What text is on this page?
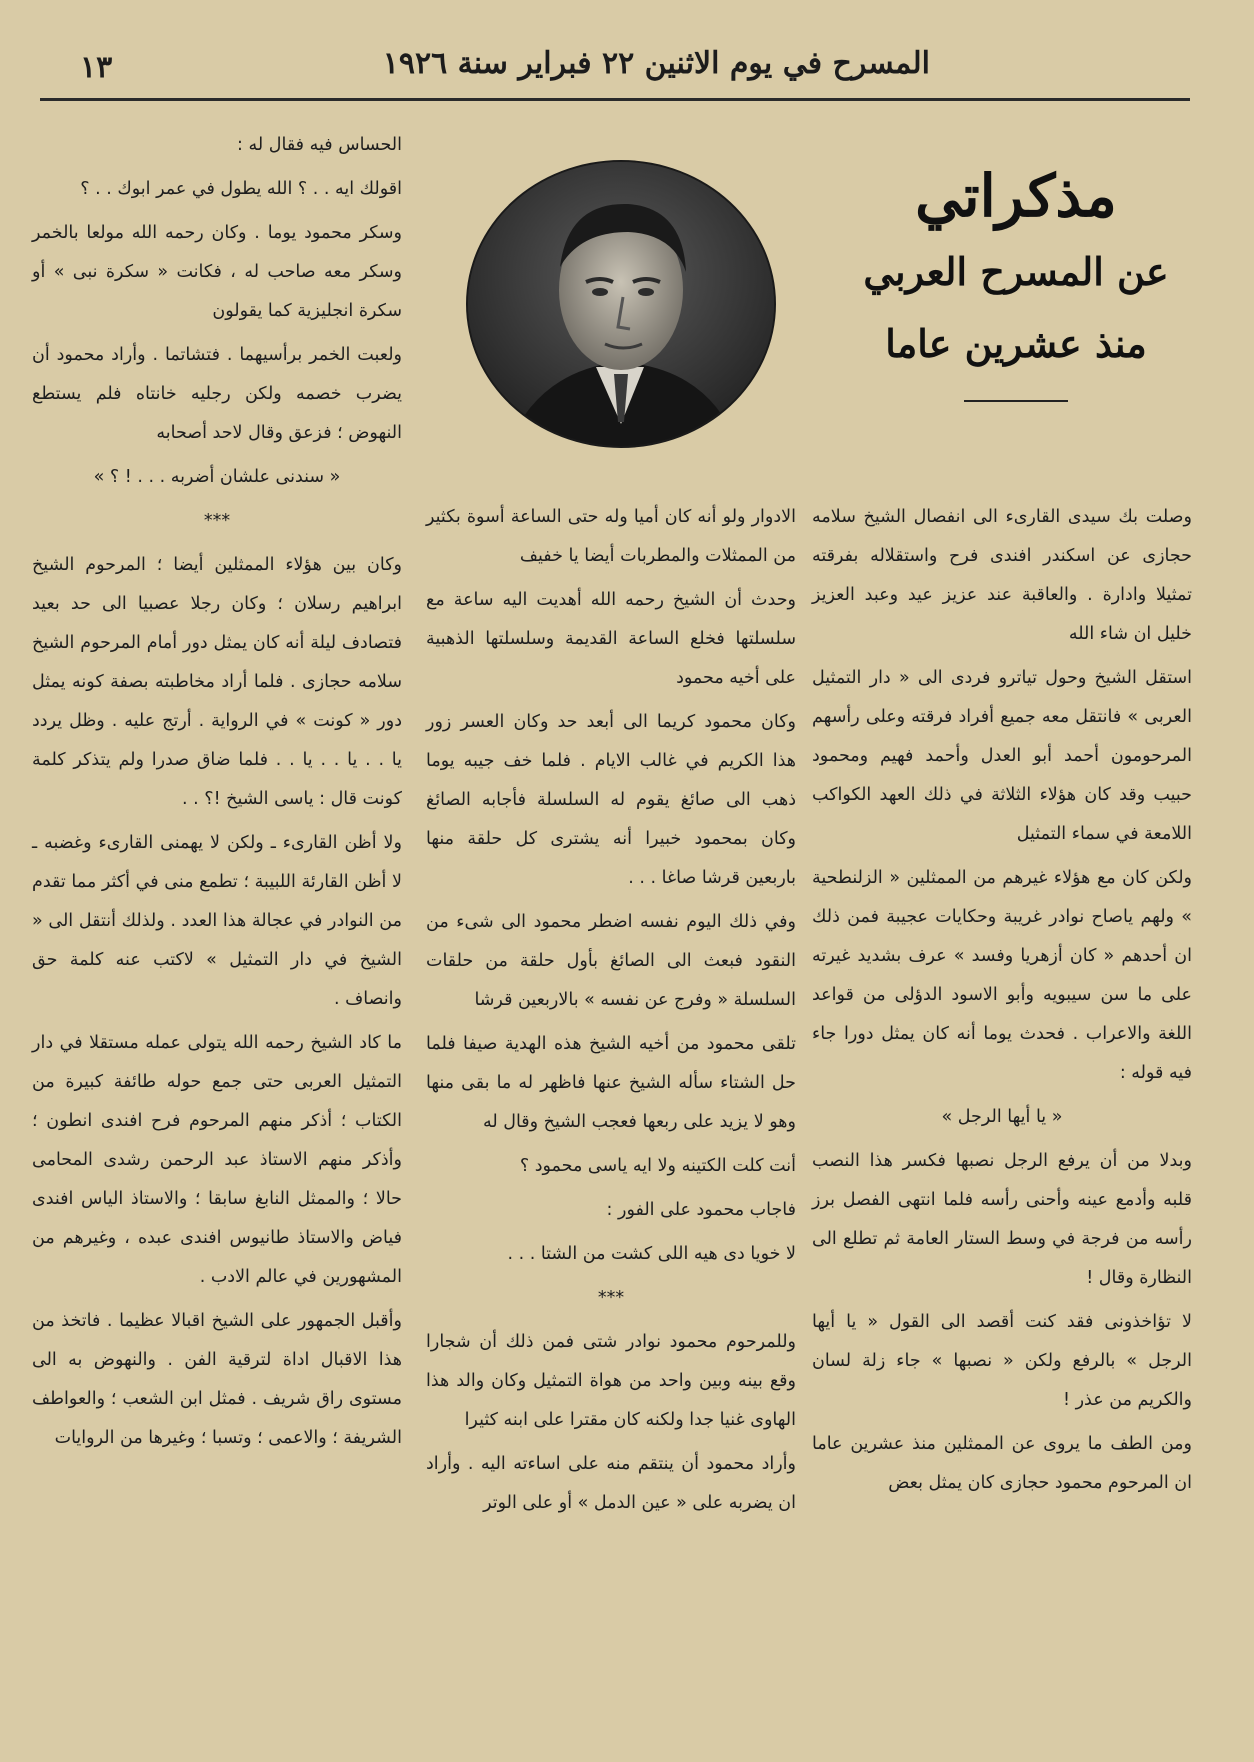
١٣	المسرح في يوم الاثنين ٢٢ فبراير سنة ١٩٢٦
مذكراتي
عن المسرح العربي
منذ عشرين عاما

وصلت بك سيدى القارىء الى انفصال الشيخ سلامه حجازى عن اسكندر افندى فرح واستقلاله بفرقته تمثيلا وادارة . والعاقبة عند عزيز عيد وعبد العزيز خليل ان شاء الله

استقل الشيخ وحول تياترو فردى الى « دار التمثيل العربى » فانتقل معه جميع أفراد فرقته وعلى رأسهم المرحومون أحمد أبو العدل وأحمد فهيم ومحمود حبيب وقد كان هؤلاء الثلاثة في ذلك العهد الكواكب اللامعة في سماء التمثيل

ولكن كان مع هؤلاء غيرهم من الممثلين « الزلنطحية » ولهم ياصاح نوادر غريبة وحكايات عجيبة فمن ذلك ان أحدهم « كان أزهريا وفسد » عرف بشديد غيرته على ما سن سيبويه وأبو الاسود الدؤلى من قواعد اللغة والاعراب . فحدث يوما أنه كان يمثل دورا جاء فيه قوله :

« يا أيها الرجل »

وبدلا من أن يرفع الرجل نصبها فكسر هذا النصب قلبه وأدمع عينه وأحنى رأسه فلما انتهى الفصل برز رأسه من فرجة في وسط الستار العامة ثم تطلع الى النظارة وقال !

لا تؤاخذونى فقد كنت أقصد الى القول « يا أيها الرجل » بالرفع ولكن « نصبها » جاء زلة لسان والكريم من عذر !

ومن الطف ما يروى عن الممثلين منذ عشرين عاما ان المرحوم محمود حجازى كان يمثل بعض

الادوار ولو أنه كان أميا وله حتى الساعة أسوة بكثير من الممثلات والمطربات أيضا يا خفيف

وحدث أن الشيخ رحمه الله أهديت اليه ساعة مع سلسلتها فخلع الساعة القديمة وسلسلتها الذهبية على أخيه محمود

وكان محمود كريما الى أبعد حد وكان العسر زور هذا الكريم في غالب الايام . فلما خف جيبه يوما ذهب الى صائغ يقوم له السلسلة فأجابه الصائغ وكان بمحمود خبيرا أنه يشترى كل حلقة منها باربعين قرشا صاغا . . .

وفي ذلك اليوم نفسه اضطر محمود الى شىء من النقود فبعث الى الصائغ بأول حلقة من حلقات السلسلة « وفرج عن نفسه » بالاربعين قرشا

تلقى محمود من أخيه الشيخ هذه الهدية صيفا فلما حل الشتاء سأله الشيخ عنها فاظهر له ما بقى منها وهو لا يزيد على ربعها فعجب الشيخ وقال له

أنت كلت الكتينه ولا ايه ياسى محمود ؟

فاجاب محمود على الفور :

لا خويا دى هيه اللى كشت من الشتا . . .

***

وللمرحوم محمود نوادر شتى فمن ذلك أن شجارا وقع بينه وبين واحد من هواة التمثيل وكان والد هذا الهاوى غنيا جدا ولكنه كان مقترا على ابنه كثيرا

وأراد محمود أن ينتقم منه على اساءته اليه . وأراد ان يضربه على « عين الدمل » أو على الوتر

الحساس فيه فقال له :

اقولك ايه . . ؟ الله يطول في عمر ابوك . . ؟

وسكر محمود يوما . وكان رحمه الله مولعا بالخمر وسكر معه صاحب له ، فكانت « سكرة نبى » أو سكرة انجليزية كما يقولون

ولعبت الخمر برأسيهما . فتشاتما . وأراد محمود أن يضرب خصمه ولكن رجليه خانتاه فلم يستطع النهوض ؛ فزعق وقال لاحد أصحابه

« سندنى علشان أضربه . . . ! ؟ »

***

وكان بين هؤلاء الممثلين أيضا ؛ المرحوم الشيخ ابراهيم رسلان ؛ وكان رجلا عصبيا الى حد بعيد فتصادف ليلة أنه كان يمثل دور أمام المرحوم الشيخ سلامه حجازى . فلما أراد مخاطبته بصفة كونه يمثل دور « كونت » في الرواية . أرتج عليه . وظل يردد يا . . يا . . يا . . فلما ضاق صدرا ولم يتذكر كلمة كونت قال : ياسى الشيخ !؟ . .

ولا أظن القارىء ـ ولكن لا يهمنى القارىء وغضبه ـ لا أظن القارئة اللبيبة ؛ تطمع منى في أكثر مما تقدم من النوادر في عجالة هذا العدد . ولذلك أنتقل الى « الشيخ في دار التمثيل » لاكتب عنه كلمة حق وانصاف .

ما كاد الشيخ رحمه الله يتولى عمله مستقلا في دار التمثيل العربى حتى جمع حوله طائفة كبيرة من الكتاب ؛ أذكر منهم المرحوم فرح افندى انطون ؛ وأذكر منهم الاستاذ عبد الرحمن رشدى المحامى حالا ؛ والممثل النابغ سابقا ؛ والاستاذ الياس افندى فياض والاستاذ طانيوس افندى عبده ، وغيرهم من المشهورين في عالم الادب .

وأقبل الجمهور على الشيخ اقبالا عظيما . فاتخذ من هذا الاقبال اداة لترقية الفن . والنهوض به الى مستوى راق شريف . فمثل ابن الشعب ؛ والعواطف الشريفة ؛ والاعمى ؛ وتسبا ؛ وغيرها من الروايات
